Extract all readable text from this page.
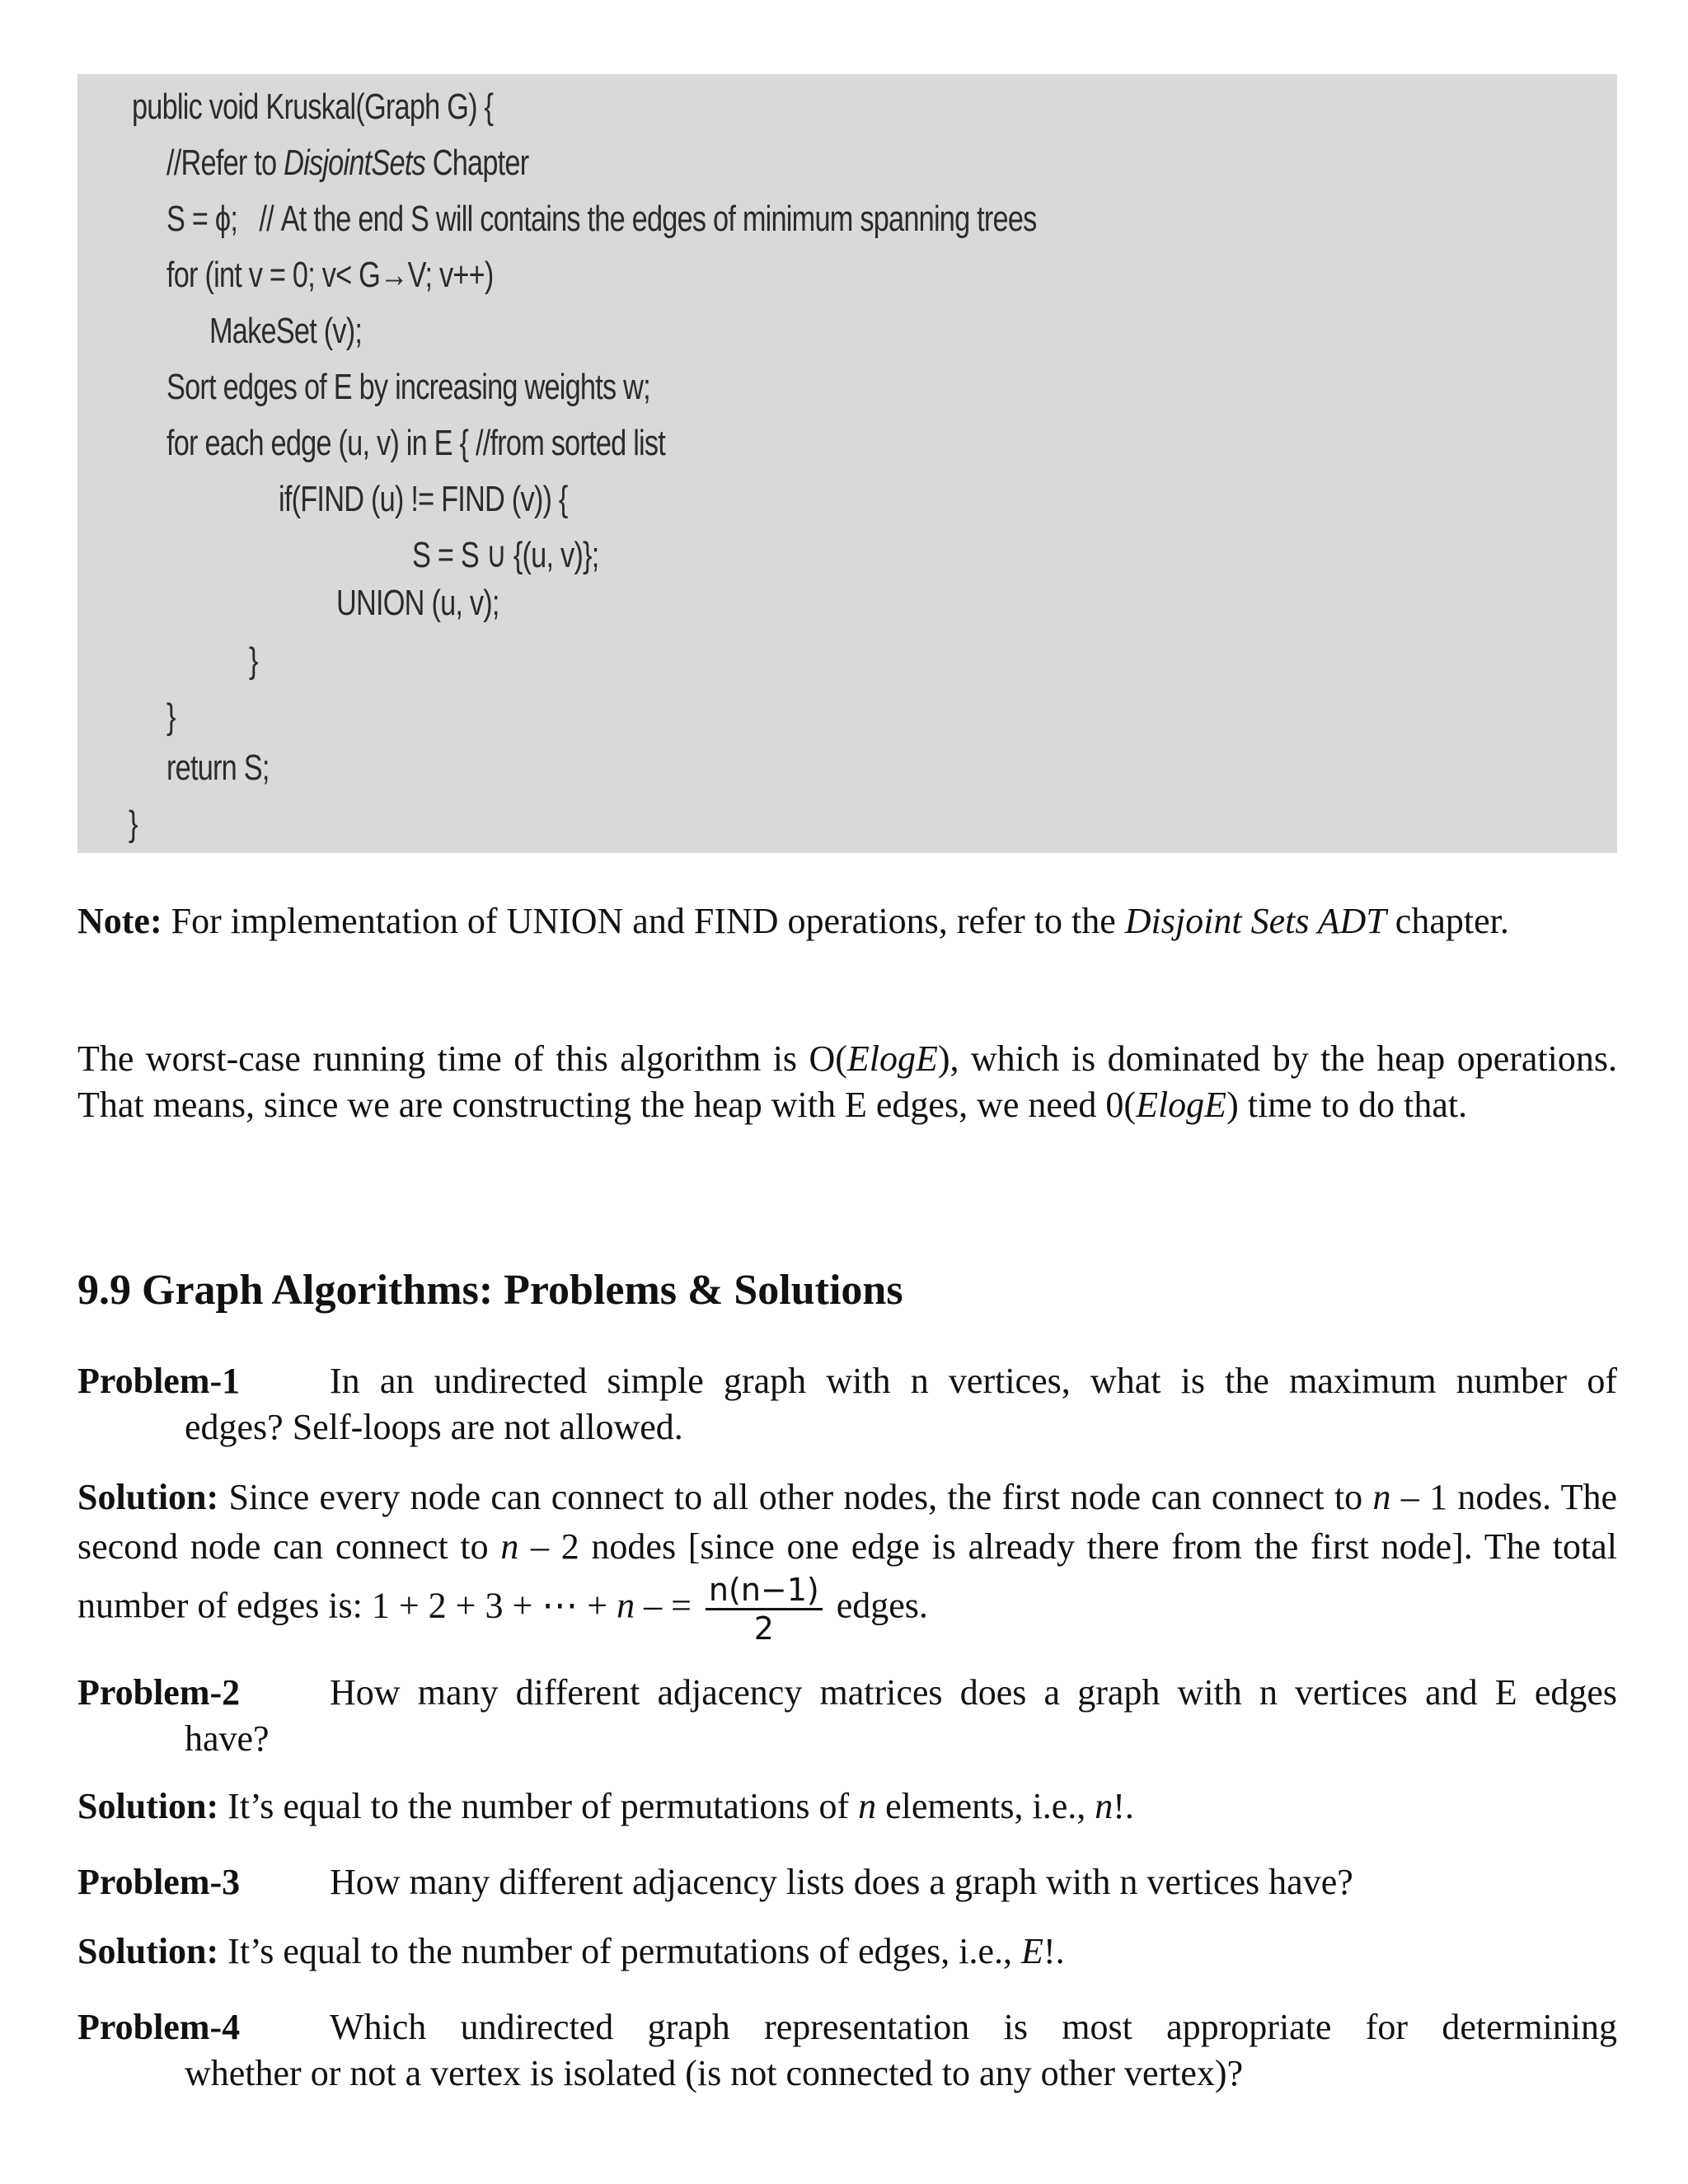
public void Kruskal(Graph G) {
//Refer to DisjointSets Chapter
S = ϕ;   // At the end S will contains the edges of minimum spanning trees
for (int v = 0; v< G→V; v++)
MakeSet (v);
Sort edges of E by increasing weights w;
for each edge (u, v) in E { //from sorted list
if(FIND (u) != FIND (v)) {
S = S ∪ {(u, v)};
UNION (u, v);
}
}
return S;
}
Note: For implementation of UNION and FIND operations, refer to the Disjoint Sets ADT chapter.
The worst-case running time of this algorithm is O(ElogE), which is dominated by the heap operations. That means, since we are constructing the heap with E edges, we need 0(ElogE) time to do that.
9.9 Graph Algorithms: Problems & Solutions
Problem-1 In an undirected simple graph with n vertices, what is the maximum number of
edges? Self-loops are not allowed.
Solution: Since every node can connect to all other nodes, the first node can connect to n – 1 nodes. The second node can connect to n – 2 nodes [since one edge is already there from the first node]. The total number of edges is: 1 + 2 + 3 + ⋯ + n – = $\frac{n(n-1)}{2}$ edges.
Problem-2 How many different adjacency matrices does a graph with n vertices and E edges
have?
Solution: It’s equal to the number of permutations of n elements, i.e., n!.
Problem-3 How many different adjacency lists does a graph with n vertices have?
Solution: It’s equal to the number of permutations of edges, i.e., E!.
Problem-4 Which undirected graph representation is most appropriate for determining
whether or not a vertex is isolated (is not connected to any other vertex)?
